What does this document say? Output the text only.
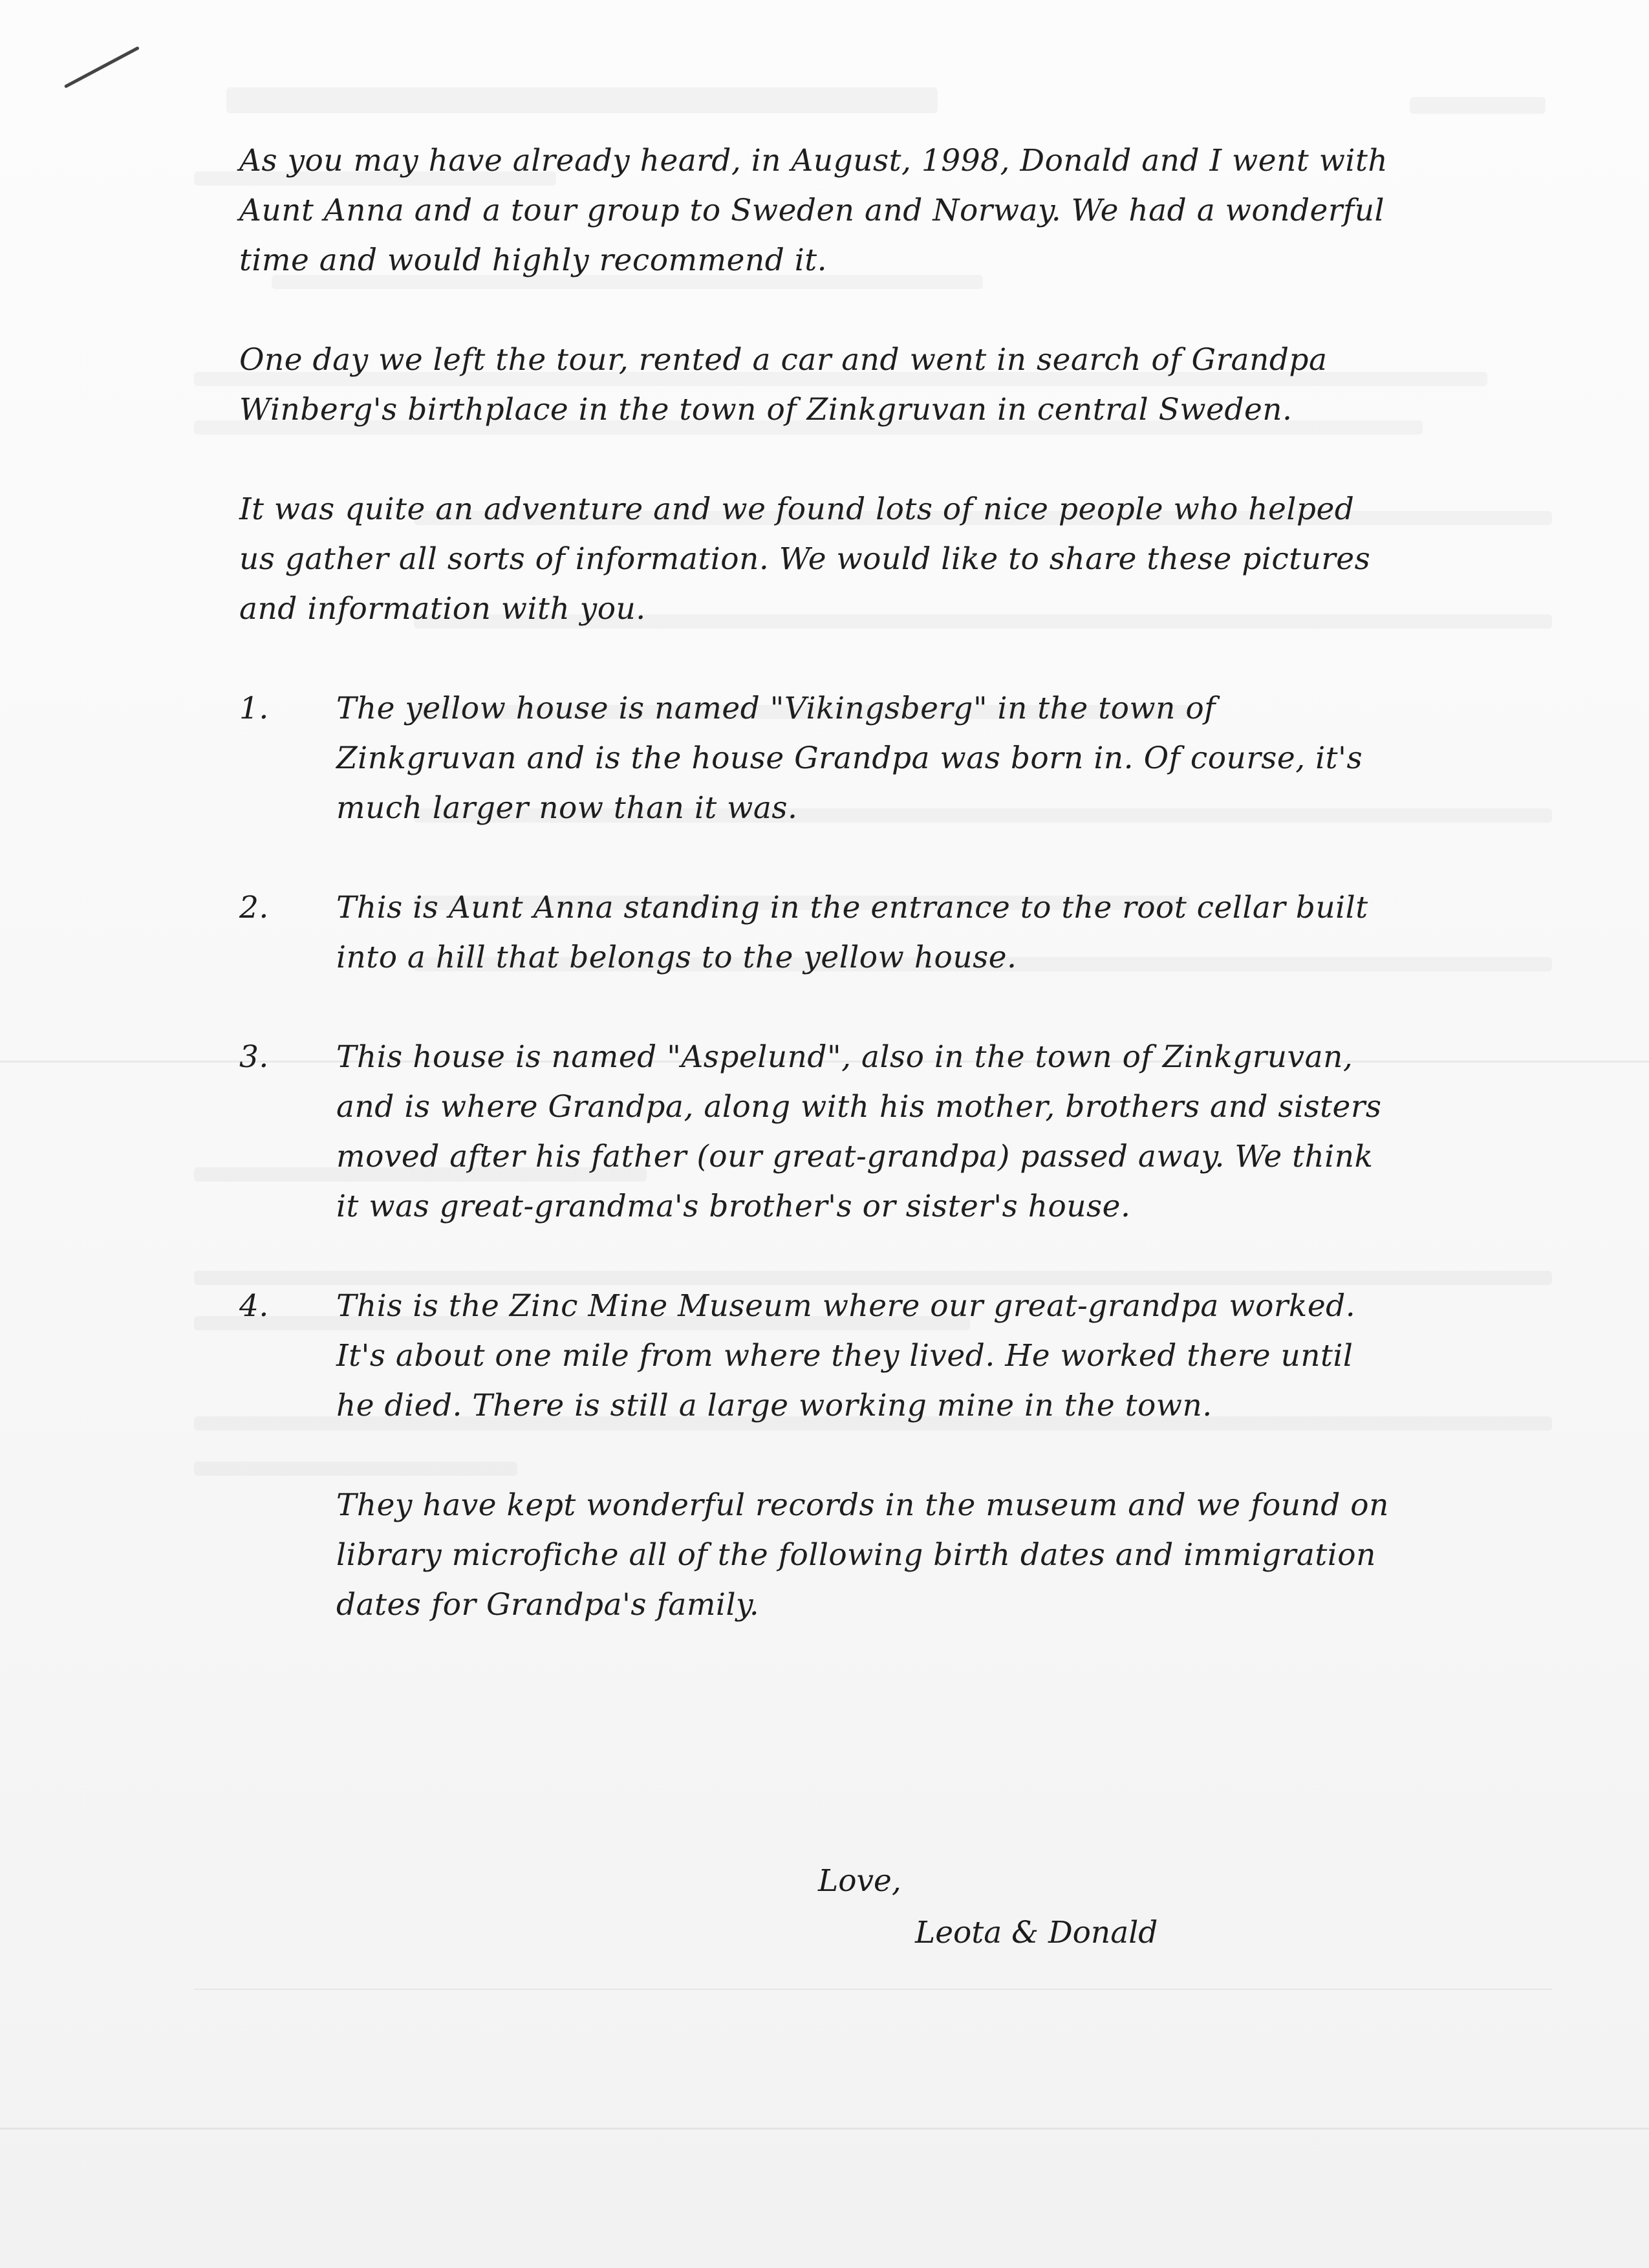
As you may have already heard, in August, 1998, Donald and I went with Aunt Anna and a tour group to Sweden and Norway. We had a wonderful time and would highly recommend it.

One day we left the tour, rented a car and went in search of Grandpa Winberg's birthplace in the town of Zinkgruvan in central Sweden.

It was quite an adventure and we found lots of nice people who helped us gather all sorts of information. We would like to share these pictures and information with you.

1. The yellow house is named "Vikingsberg" in the town of Zinkgruvan and is the house Grandpa was born in. Of course, it's much larger now than it was.
2. This is Aunt Anna standing in the entrance to the root cellar built into a hill that belongs to the yellow house.
3. This house is named "Aspelund", also in the town of Zinkgruvan, and is where Grandpa, along with his mother, brothers and sisters moved after his father (our great-grandpa) passed away. We think it was great-grandma's brother's or sister's house.
4. This is the Zinc Mine Museum where our great-grandpa worked. It's about one mile from where they lived. He worked there until he died. There is still a large working mine in the town.

They have kept wonderful records in the museum and we found on library microfiche all of the following birth dates and immigration dates for Grandpa's family.

Love,
Leota & Donald
